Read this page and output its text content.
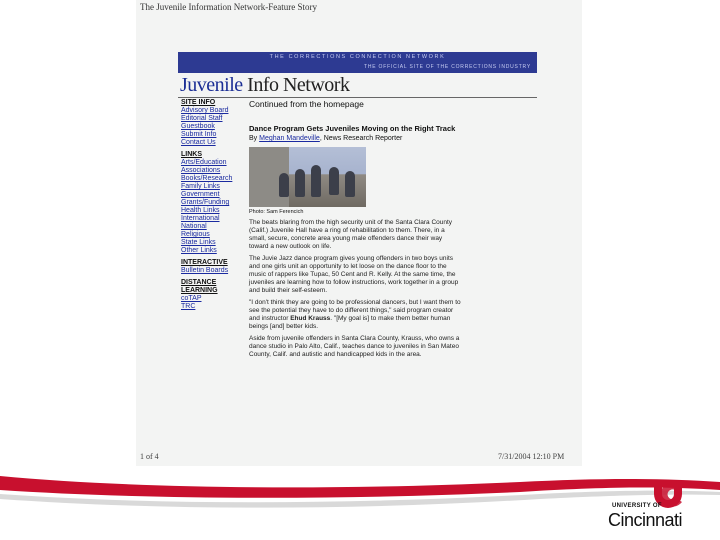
The Juvenile Information Network-Feature Story
THE CORRECTIONS CONNECTION NETWORK
THE OFFICIAL SITE OF THE CORRECTIONS INDUSTRY
Juvenile Info Network
SITE INFO
Advisory Board
Editorial Staff
Guestbook
Submit Info
Contact Us
LINKS
Arts/Education
Associations
Books/Research
Family Links
Government
Grants/Funding
Health Links
International
National
Religious
State Links
Other Links
INTERACTIVE
Bulletin Boards
DISTANCE
LEARNING
coTAP
TRC
Continued from the homepage
Dance Program Gets Juveniles Moving on the Right Track
By Meghan Mandeville, News Research Reporter
Photo: Sam Ferencich

The beats blaring from the high security unit of the Santa Clara County (Calif.) Juvenile Hall have a ring of rehabilitation to them. There, in a small, secure, concrete area young male offenders dance their way toward a new outlook on life.

The Juvie Jazz dance program gives young offenders in two boys units and one girls unit an opportunity to let loose on the dance floor to the music of rappers like Tupac, 50 Cent and R. Kelly. At the same time, the juveniles are learning how to follow instructions, work together in a group and build their self-esteem.

"I don't think they are going to be professional dancers, but I want them to see the potential they have to do different things," said program creator and instructor Ehud Krauss. "[My goal is] to make them better human beings [and] better kids.

Aside from juvenile offenders in Santa Clara County, Krauss, who owns a dance studio in Palo Alto, Calif., teaches dance to juveniles in San Mateo County, Calif. and autistic and handicapped kids in the area.

1 of 4	7/31/2004 12:10 PM
UNIVERSITY OF
Cincinnati
